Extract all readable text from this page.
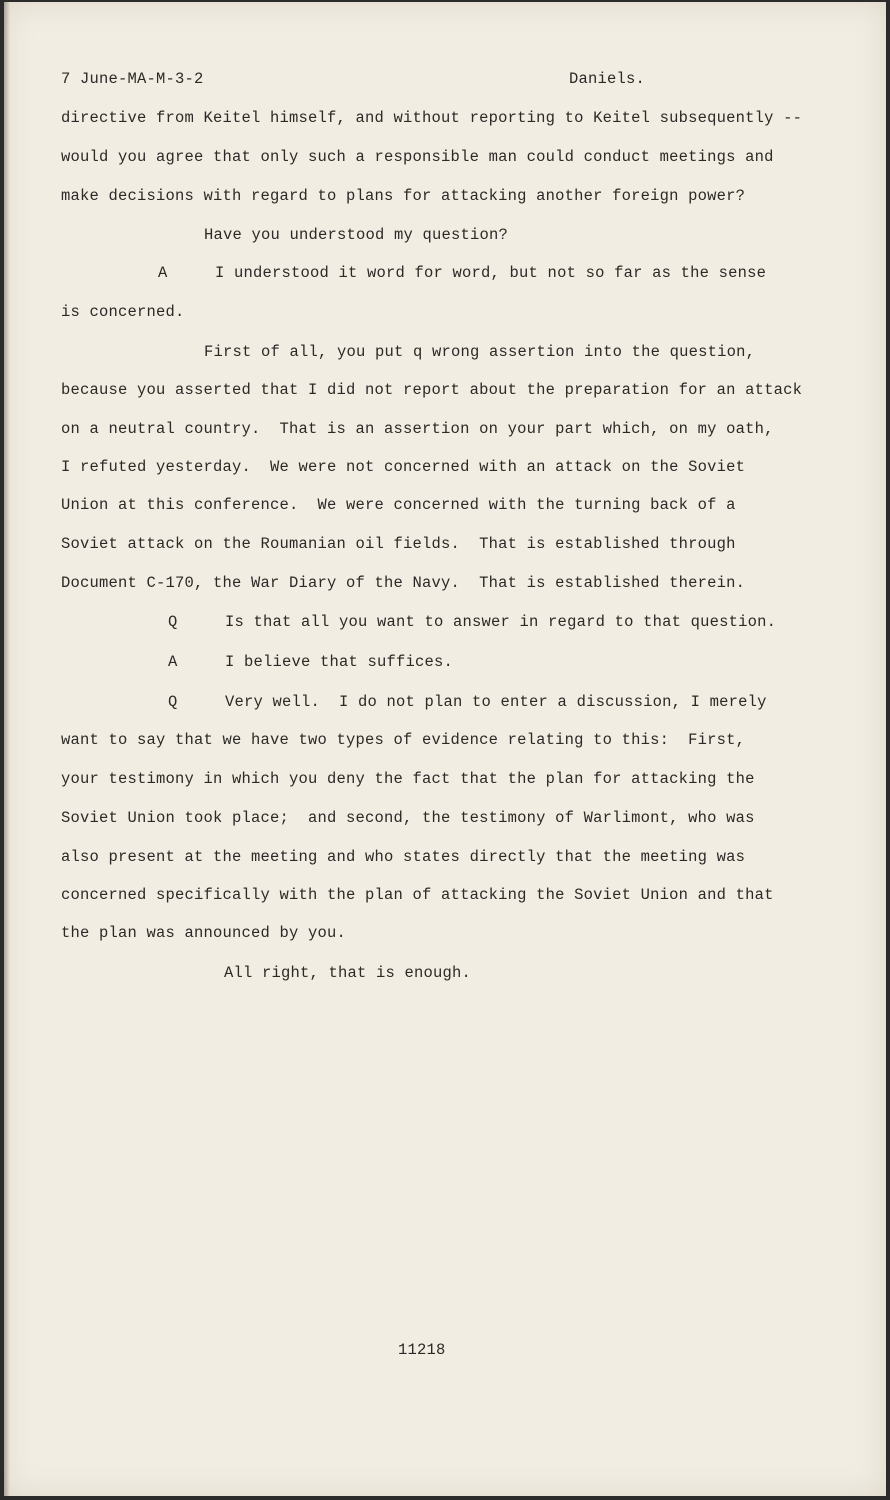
7 June-MA-M-3-2	Daniels.
directive from Keitel himself, and without reporting to Keitel subsequently --
would you agree that only such a responsible man could conduct meetings and
make decisions with regard to plans for attacking another foreign power?
Have you understood my question?
A     I understood it word for word, but not so far as the sense
is concerned.
First of all, you put q wrong assertion into the question,
because you asserted that I did not report about the preparation for an attack
on a neutral country.  That is an assertion on your part which, on my oath,
I refuted yesterday.  We were not concerned with an attack on the Soviet
Union at this conference.  We were concerned with the turning back of a
Soviet attack on the Roumanian oil fields.  That is established through
Document C-170, the War Diary of the Navy.  That is established therein.
Q     Is that all you want to answer in regard to that question.
A     I believe that suffices.
Q     Very well.  I do not plan to enter a discussion, I merely
want to say that we have two types of evidence relating to this:  First,
your testimony in which you deny the fact that the plan for attacking the
Soviet Union took place;  and second, the testimony of Warlimont, who was
also present at the meeting and who states directly that the meeting was
concerned specifically with the plan of attacking the Soviet Union and that
the plan was announced by you.
All right, that is enough.
11218
